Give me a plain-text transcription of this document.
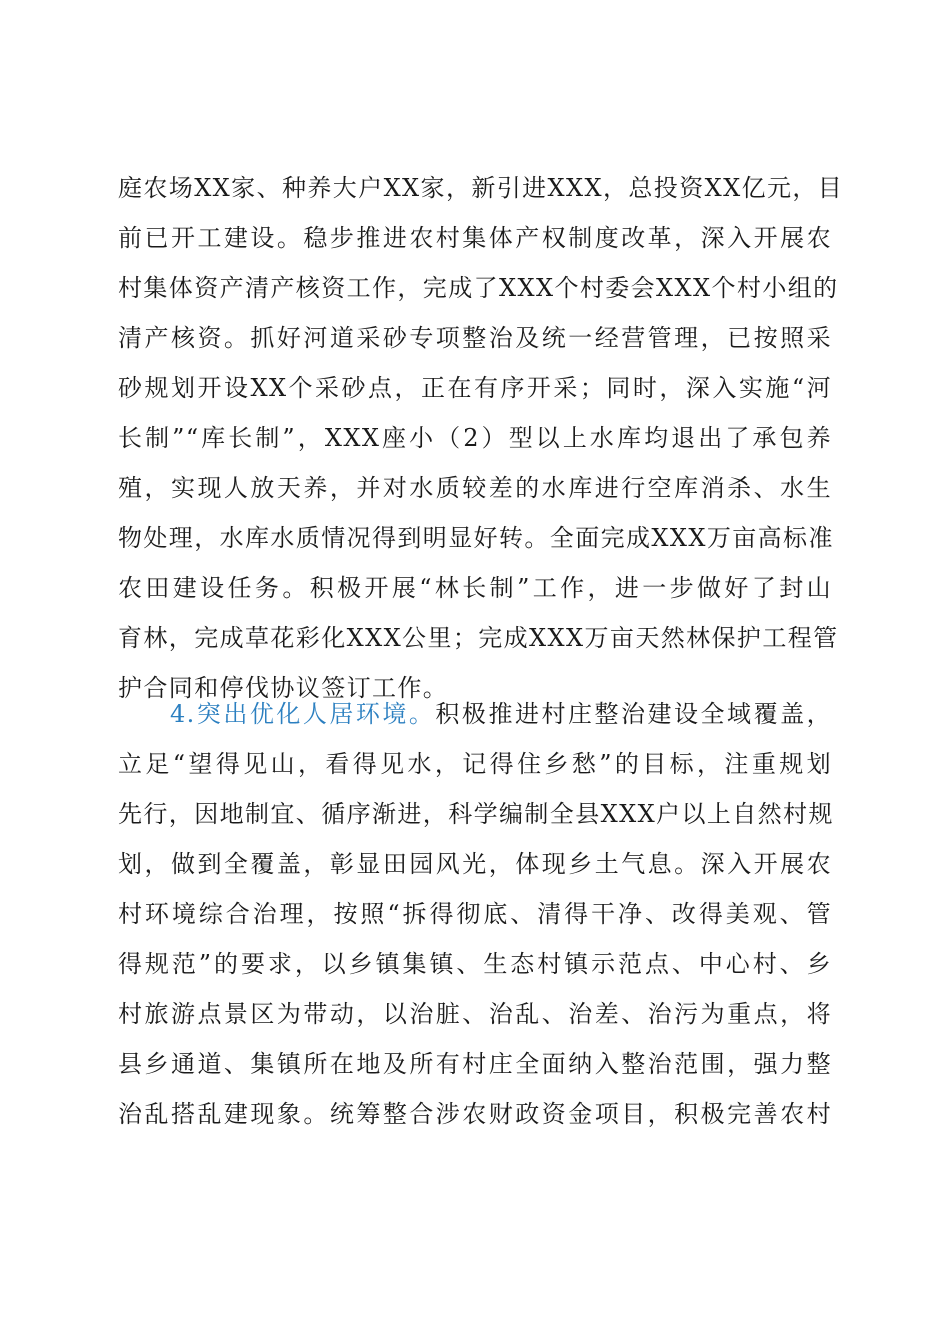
庭农场XX家、种养大户XX家，新引进XXX，总投资XX亿元，目
前已开工建设。稳步推进农村集体产权制度改革，深入开展农
村集体资产清产核资工作，完成了XXX个村委会XXX个村小组的
清产核资。抓好河道采砂专项整治及统一经营管理，已按照采
砂规划开设XX个采砂点，正在有序开采；同时，深入实施“河
长制”“库长制”，XXX座小（2）型以上水库均退出了承包养
殖，实现人放天养，并对水质较差的水库进行空库消杀、水生
物处理，水库水质情况得到明显好转。全面完成XXX万亩高标准
农田建设任务。积极开展“林长制”工作，进一步做好了封山
育林，完成草花彩化XXX公里；完成XXX万亩天然林保护工程管
护合同和停伐协议签订工作。
4.突出优化人居环境。积极推进村庄整治建设全域覆盖，
立足“望得见山，看得见水，记得住乡愁”的目标，注重规划
先行，因地制宜、循序渐进，科学编制全县XXX户以上自然村规
划，做到全覆盖，彰显田园风光，体现乡土气息。深入开展农
村环境综合治理，按照“拆得彻底、清得干净、改得美观、管
得规范”的要求，以乡镇集镇、生态村镇示范点、中心村、乡
村旅游点景区为带动，以治脏、治乱、治差、治污为重点，将
县乡通道、集镇所在地及所有村庄全面纳入整治范围，强力整
治乱搭乱建现象。统筹整合涉农财政资金项目，积极完善农村
